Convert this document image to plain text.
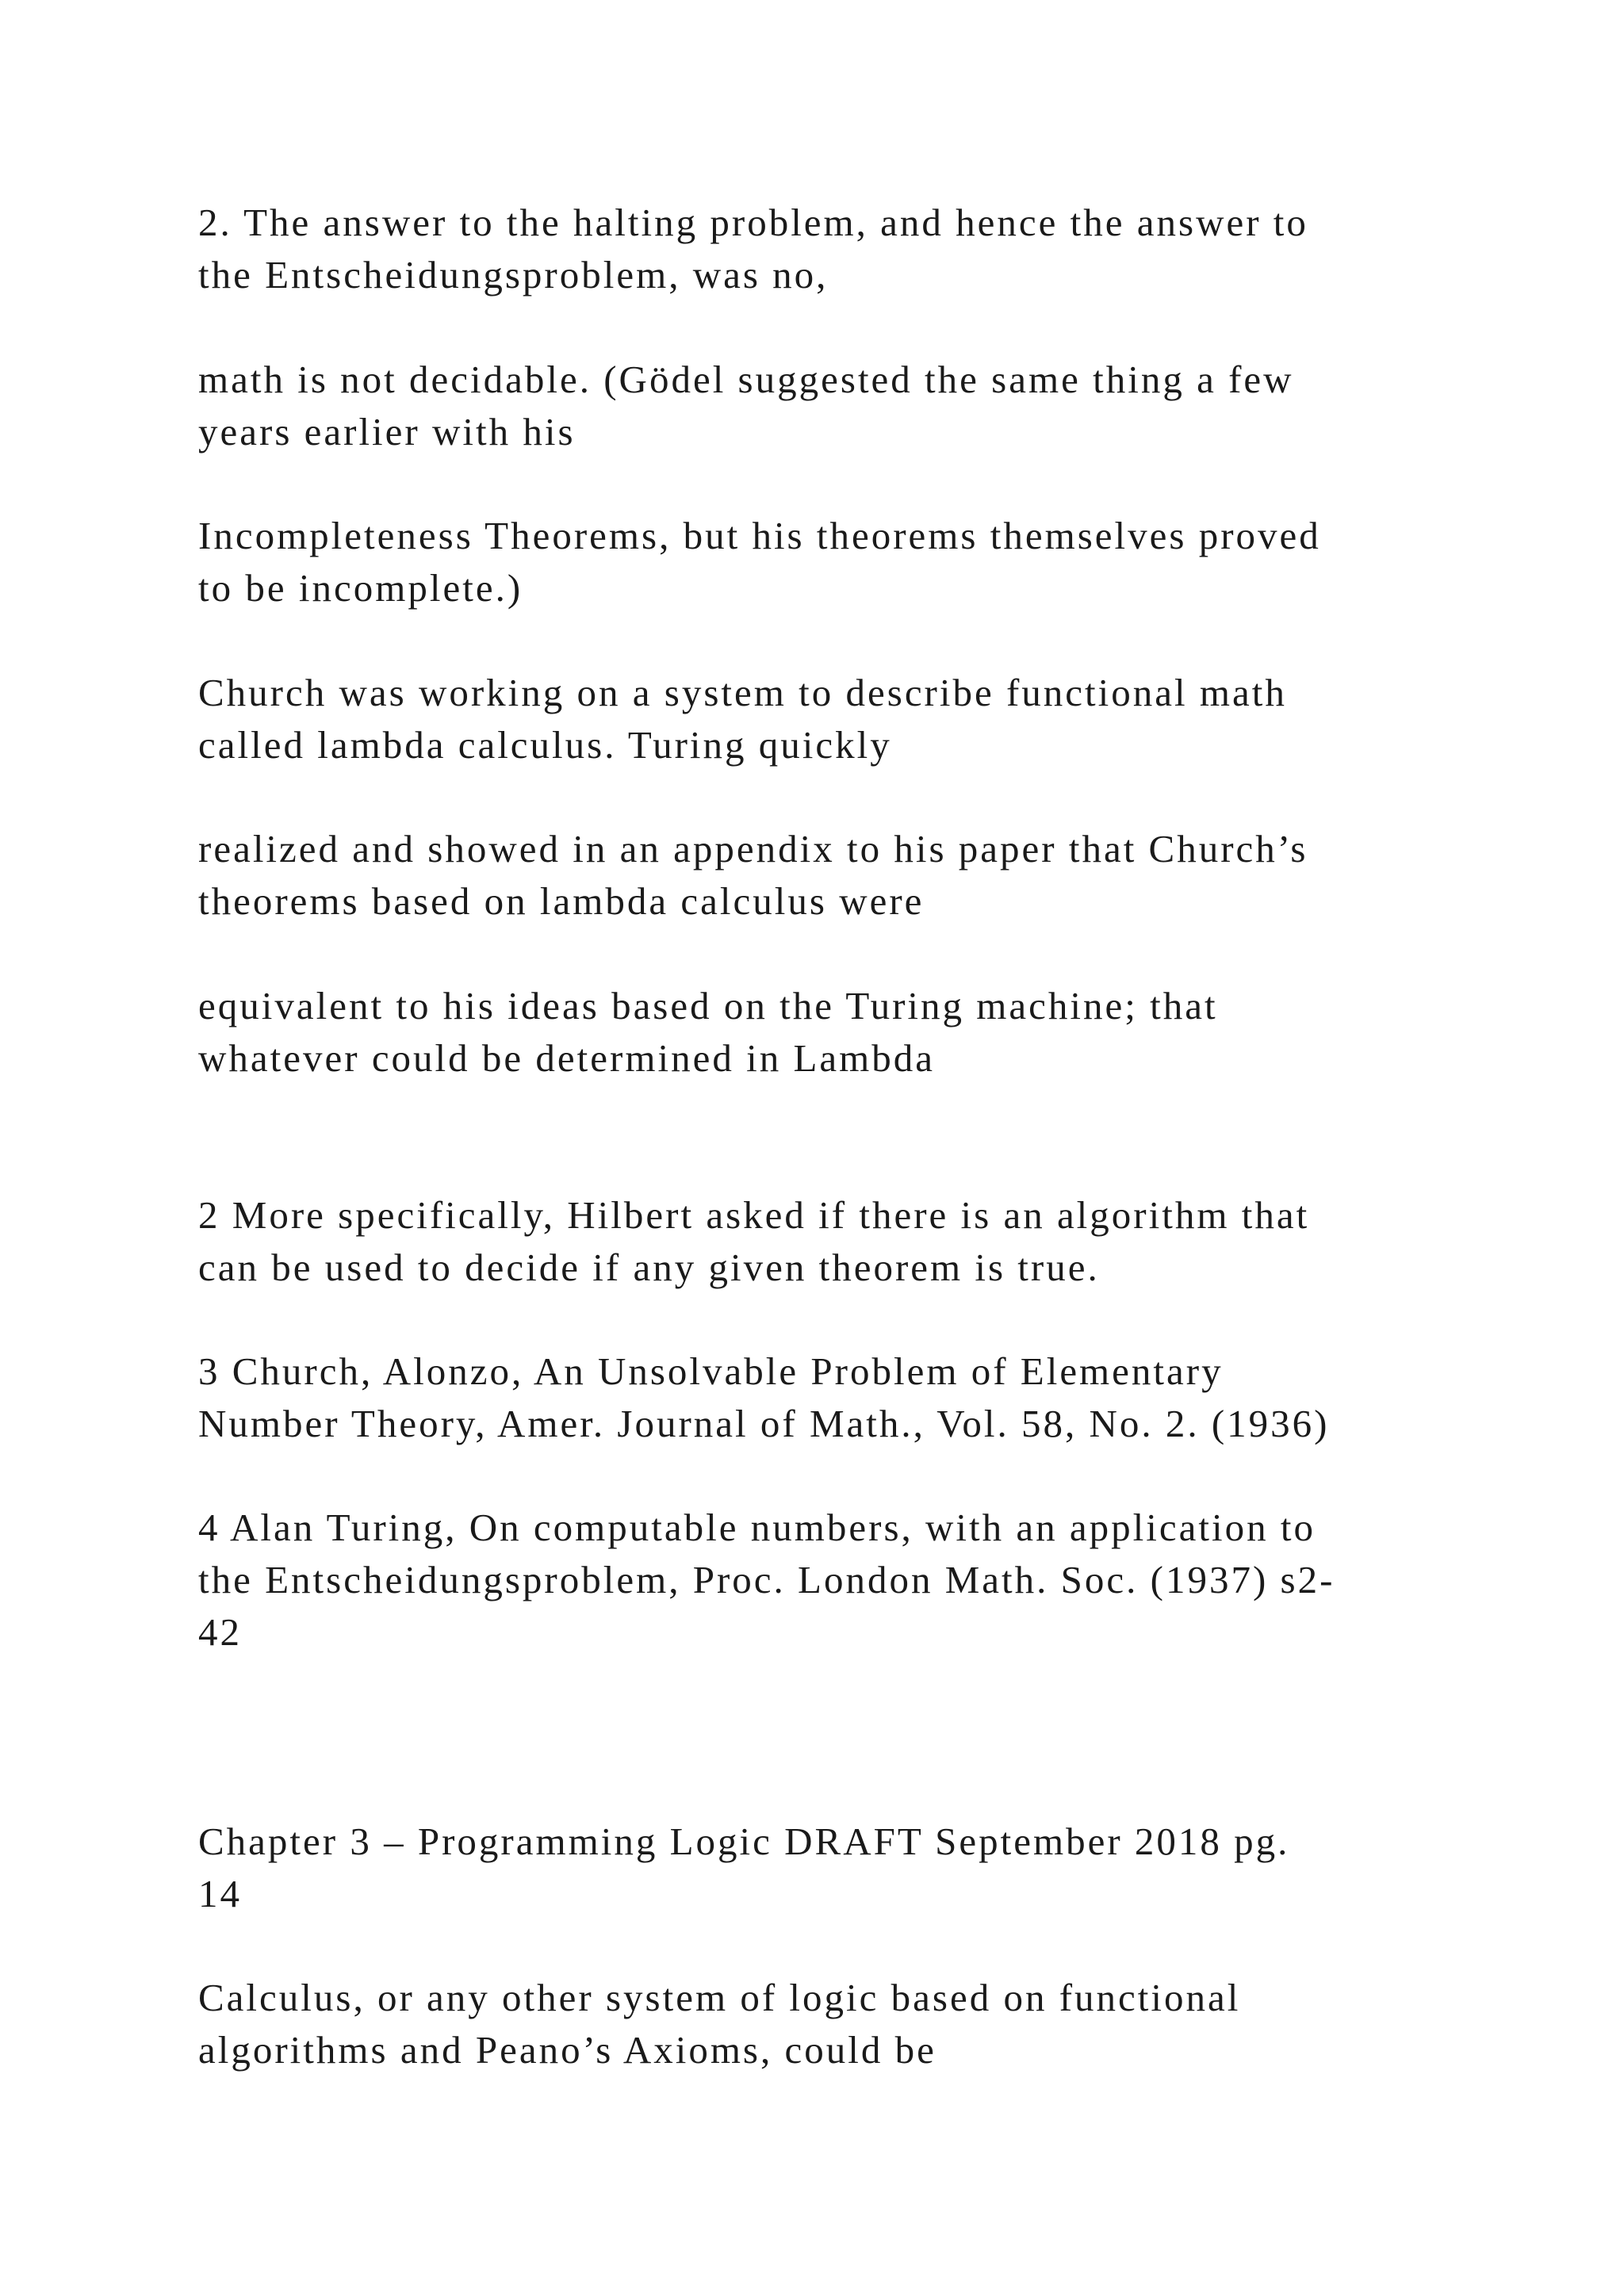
2. The answer to the halting problem, and hence the answer to
the Entscheidungsproblem, was no,

math is not decidable. (Gödel suggested the same thing a few
years earlier with his

Incompleteness Theorems, but his theorems themselves proved
to be incomplete.)

Church was working on a system to describe functional math
called lambda calculus. Turing quickly

realized and showed in an appendix to his paper that Church’s
theorems based on lambda calculus were

equivalent to his ideas based on the Turing machine; that
whatever could be determined in Lambda

2 More specifically, Hilbert asked if there is an algorithm that
can be used to decide if any given theorem is true.

3 Church, Alonzo, An Unsolvable Problem of Elementary
Number Theory, Amer. Journal of Math., Vol. 58, No. 2. (1936)

4 Alan Turing, On computable numbers, with an application to
the Entscheidungsproblem, Proc. London Math. Soc. (1937) s2-
42

Chapter 3 – Programming Logic DRAFT September 2018 pg.
14

Calculus, or any other system of logic based on functional
algorithms and Peano’s Axioms, could be
